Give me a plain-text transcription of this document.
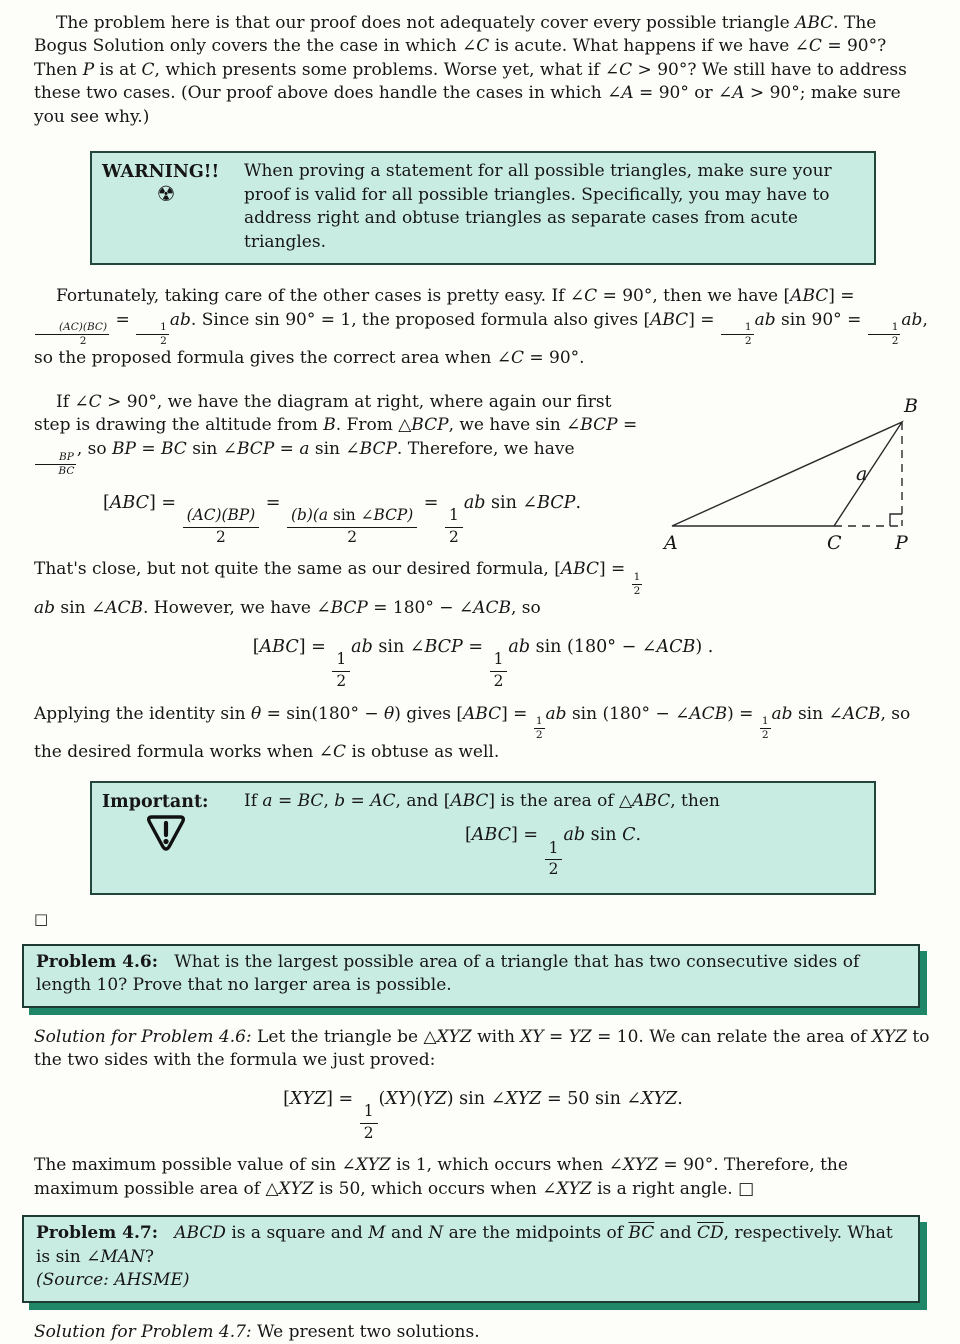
The problem here is that our proof does not adequately cover every possible triangle ABC. The Bogus Solution only covers the the case in which ∠C is acute. What happens if we have ∠C = 90°? Then P is at C, which presents some problems. Worse yet, what if ∠C > 90°? We still have to address these two cases. (Our proof above does handle the cases in which ∠A = 90° or ∠A > 90°; make sure you see why.)

WARNING!!
☢
When proving a statement for all possible triangles, make sure your proof is valid for all possible triangles. Specifically, you may have to address right and obtuse triangles as separate cases from acute triangles.

Fortunately, taking care of the other cases is pretty easy. If ∠C = 90°, then we have [ABC] =
$\frac{(AC)(BC)}{2}$
=
$\frac{1}{2}$
ab. Since sin 90° = 1, the proposed formula also gives [ABC] =
$\frac{1}{2}$
ab sin 90° =
$\frac{1}{2}$
ab, so the proposed formula gives the correct area when ∠C = 90°.

A
B
C	P
a

If ∠C > 90°, we have the diagram at right, where again our first step is drawing the altitude from B. From △BCP, we have sin ∠BCP =
$\frac{BP}{BC}$
, so BP = BC sin ∠BCP = a sin ∠BCP. Therefore, we have

[ABC] =
$\frac{(AC)(BP)}{2}$
=
$\frac{\text{(b)(a sin ∠BCP)}}{2}$
=
$\frac{1}{2}$
ab sin ∠BCP.

That's close, but not quite the same as our desired formula, [ABC] =
$\frac{1}{2}$
ab sin ∠ACB. However, we have ∠BCP = 180° − ∠ACB, so

[ABC] =
$\frac{1}{2}$
ab sin ∠BCP =
$\frac{1}{2}$
ab sin (180° − ∠ACB) .

Applying the identity sin θ = sin(180° − θ) gives [ABC] =
$\frac{1}{2}$
ab sin (180° − ∠ACB) =
$\frac{1}{2}$
ab sin ∠ACB, so the desired formula works when ∠C is obtuse as well.

Important:	If a = BC, b = AC, and [ABC] is the area of △ABC, then
[ABC] =
$\frac{1}{2}$
ab sin C.
□
Problem 4.6: What is the largest possible area of a triangle that has two consecutive sides of length 10? Prove that no larger area is possible.

Solution for Problem 4.6: Let the triangle be △XYZ with XY = YZ = 10. We can relate the area of XYZ to the two sides with the formula we just proved:

[XYZ] =
$\frac{1}{2}$
(XY)(YZ) sin ∠XYZ = 50 sin ∠XYZ.

The maximum possible value of sin ∠XYZ is 1, which occurs when ∠XYZ = 90°. Therefore, the maximum possible area of △XYZ is 50, which occurs when ∠XYZ is a right angle. □

Problem 4.7: ABCD is a square and M and N are the midpoints of $\overline{BC}$ and $\overline{CD}$, respectively. What is sin ∠MAN?
(Source: AHSME)

Solution for Problem 4.7: We present two solutions.
